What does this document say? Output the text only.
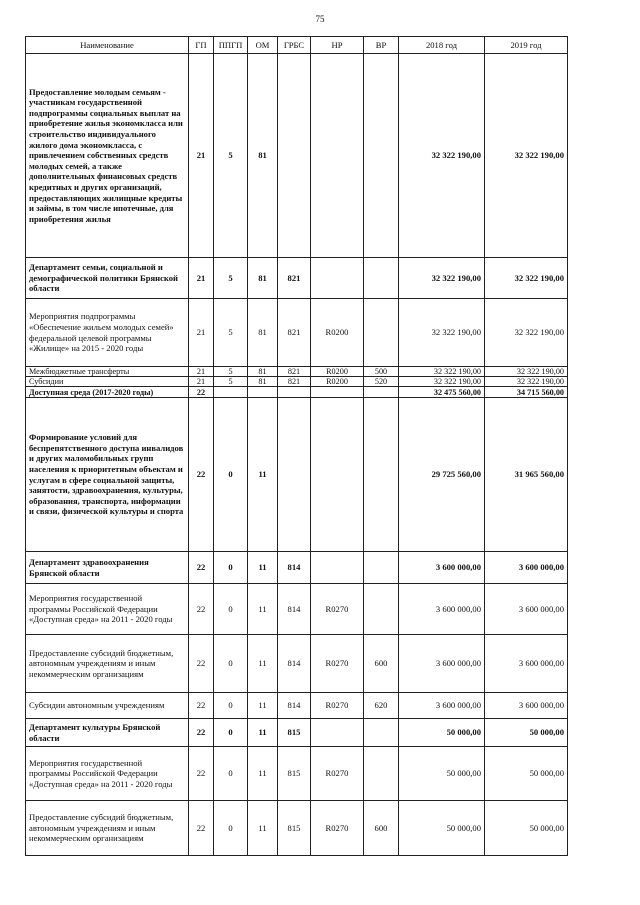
75
Наименование	ГП	ППГП	ОМ	ГРБС	НР	ВР	2018 год	2019 год
Предоставление молодым семьям - участникам государственной подпрограммы социальных выплат на приобретение жилья экономкласса или строительство индивидуального жилого дома экономкласса, с привлечением собственных средств молодых семей, а также дополнительных финансовых средств кредитных и других организаций, предоставляющих жилищные кредиты и займы, в том числе ипотечные, для приобретения жилья	21	5	81				32 322 190,00	32 322 190,00
Департамент семьи, социальной и демографической политики Брянской области	21	5	81	821			32 322 190,00	32 322 190,00
Мероприятия подпрограммы «Обеспечение жильем молодых семей» федеральной целевой программы «Жилище» на 2015 - 2020 годы	21	5	81	821	R0200		32 322 190,00	32 322 190,00
Межбюджетные трансферты	21	5	81	821	R0200	500	32 322 190,00	32 322 190,00
Субсидии	21	5	81	821	R0200	520	32 322 190,00	32 322 190,00
Доступная среда (2017-2020 годы)	22						32 475 560,00	34 715 560,00
Формирование условий для беспрепятственного доступа инвалидов и других маломобильных групп населения к приоритетным объектам и услугам в сфере социальной защиты, занятости, здравоохранения, культуры, образования, транспорта, информации и связи, физической культуры и спорта	22	0	11				29 725 560,00	31 965 560,00
Департамент здравоохранения Брянской области	22	0	11	814			3 600 000,00	3 600 000,00
Мероприятия государственной программы Российской Федерации «Доступная среда» на 2011 - 2020 годы	22	0	11	814	R0270		3 600 000,00	3 600 000,00
Предоставление субсидий бюджетным, автономным учреждениям и иным некоммерческим организациям	22	0	11	814	R0270	600	3 600 000,00	3 600 000,00
Субсидии автономным учреждениям	22	0	11	814	R0270	620	3 600 000,00	3 600 000,00
Департамент культуры Брянской области	22	0	11	815			50 000,00	50 000,00
Мероприятия государственной программы Российской Федерации «Доступная среда» на 2011 - 2020 годы	22	0	11	815	R0270		50 000,00	50 000,00
Предоставление субсидий бюджетным, автономным учреждениям и иным некоммерческим организациям	22	0	11	815	R0270	600	50 000,00	50 000,00
